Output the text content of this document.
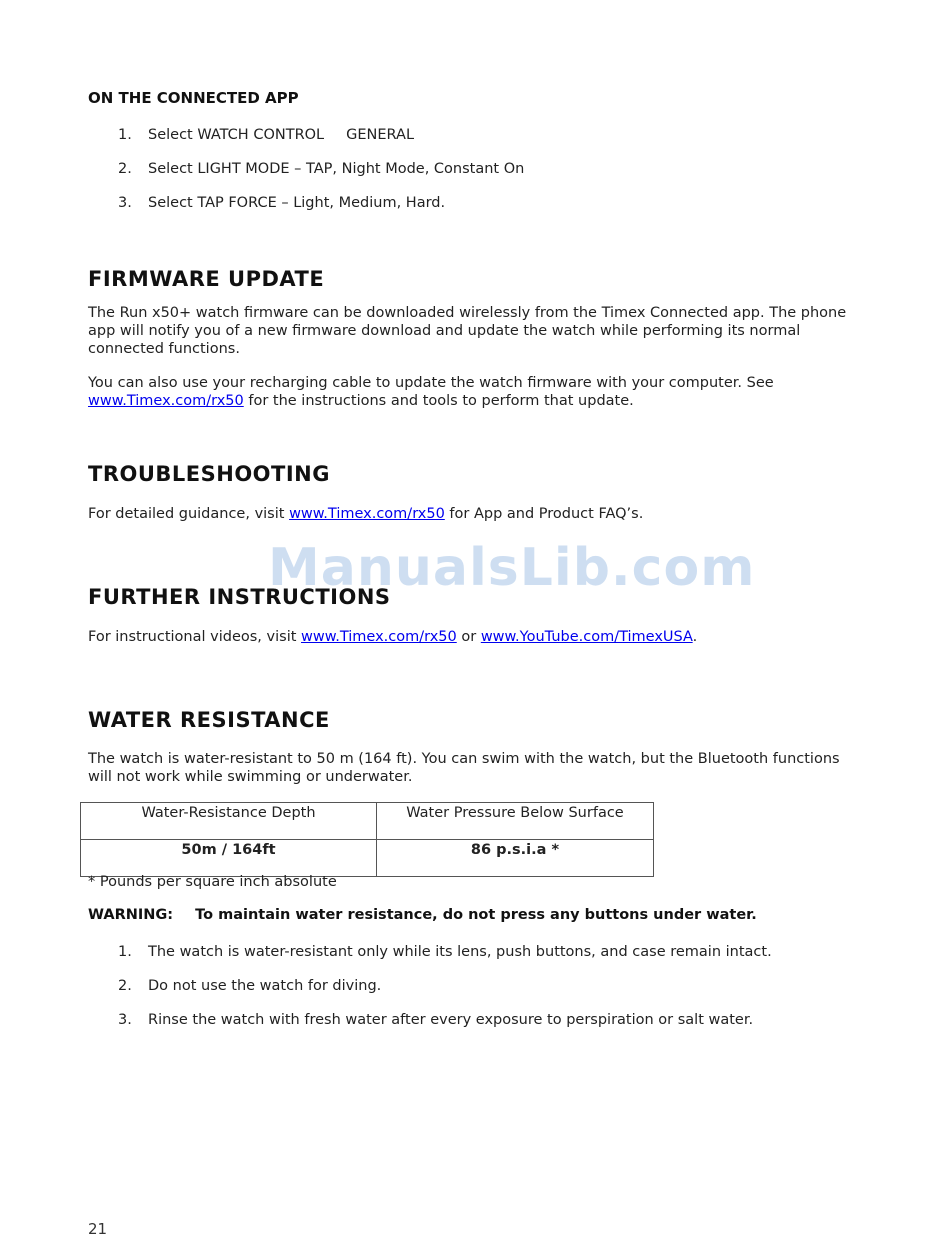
ON THE CONNECTED APP
1.	Select WATCH CONTROL GENERAL
2.	Select LIGHT MODE – TAP, Night Mode, Constant On
3.	Select TAP FORCE – Light, Medium, Hard.
FIRMWARE UPDATE

The Run x50+ watch firmware can be downloaded wirelessly from the Timex Connected app. The phone app will notify you of a new firmware download and update the watch while performing its normal connected functions.

You can also use your recharging cable to update the watch firmware with your computer. See www.Timex.com/rx50 for the instructions and tools to perform that update.

TROUBLESHOOTING

For detailed guidance, visit www.Timex.com/rx50 for App and Product FAQ’s.

ManualsLib.com
FURTHER INSTRUCTIONS

For instructional videos, visit www.Timex.com/rx50 or www.YouTube.com/TimexUSA.

WATER RESISTANCE

The watch is water-resistant to 50 m (164 ft). You can swim with the watch, but the Bluetooth functions will not work while swimming or underwater.

Water-Resistance Depth	Water Pressure Below Surface
50m / 164ft	86 p.s.i.a *

* Pounds per square inch absolute

WARNING: To maintain water resistance, do not press any buttons under water.

1.	The watch is water-resistant only while its lens, push buttons, and case remain intact.
2.	Do not use the watch for diving.
3.	Rinse the watch with fresh water after every exposure to perspiration or salt water.

21
